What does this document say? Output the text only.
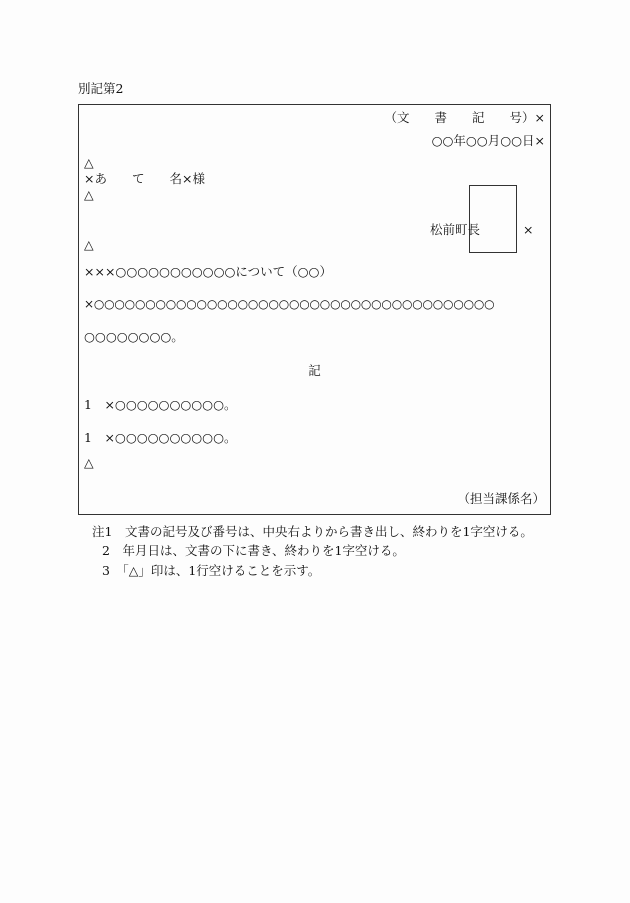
別記第2
（文　　書　　記　　号）×
○○年○○月○○日×
△
×あ　　て　　名×様
△
松前町長	×
△
×××○○○○○○○○○○○について（○○）
×○○○○○○○○○○○○○○○○○○○○○○○○○○○○○○○○○○○○○○○
○○○○○○○○。
記
1　×○○○○○○○○○○。
1　×○○○○○○○○○○。
△
（担当課係名）
注1　文書の記号及び番号は、中央右よりから書き出し、終わりを1字空ける。
2　年月日は、文書の下に書き、終わりを1字空ける。
3　「△」印は、1行空けることを示す。
